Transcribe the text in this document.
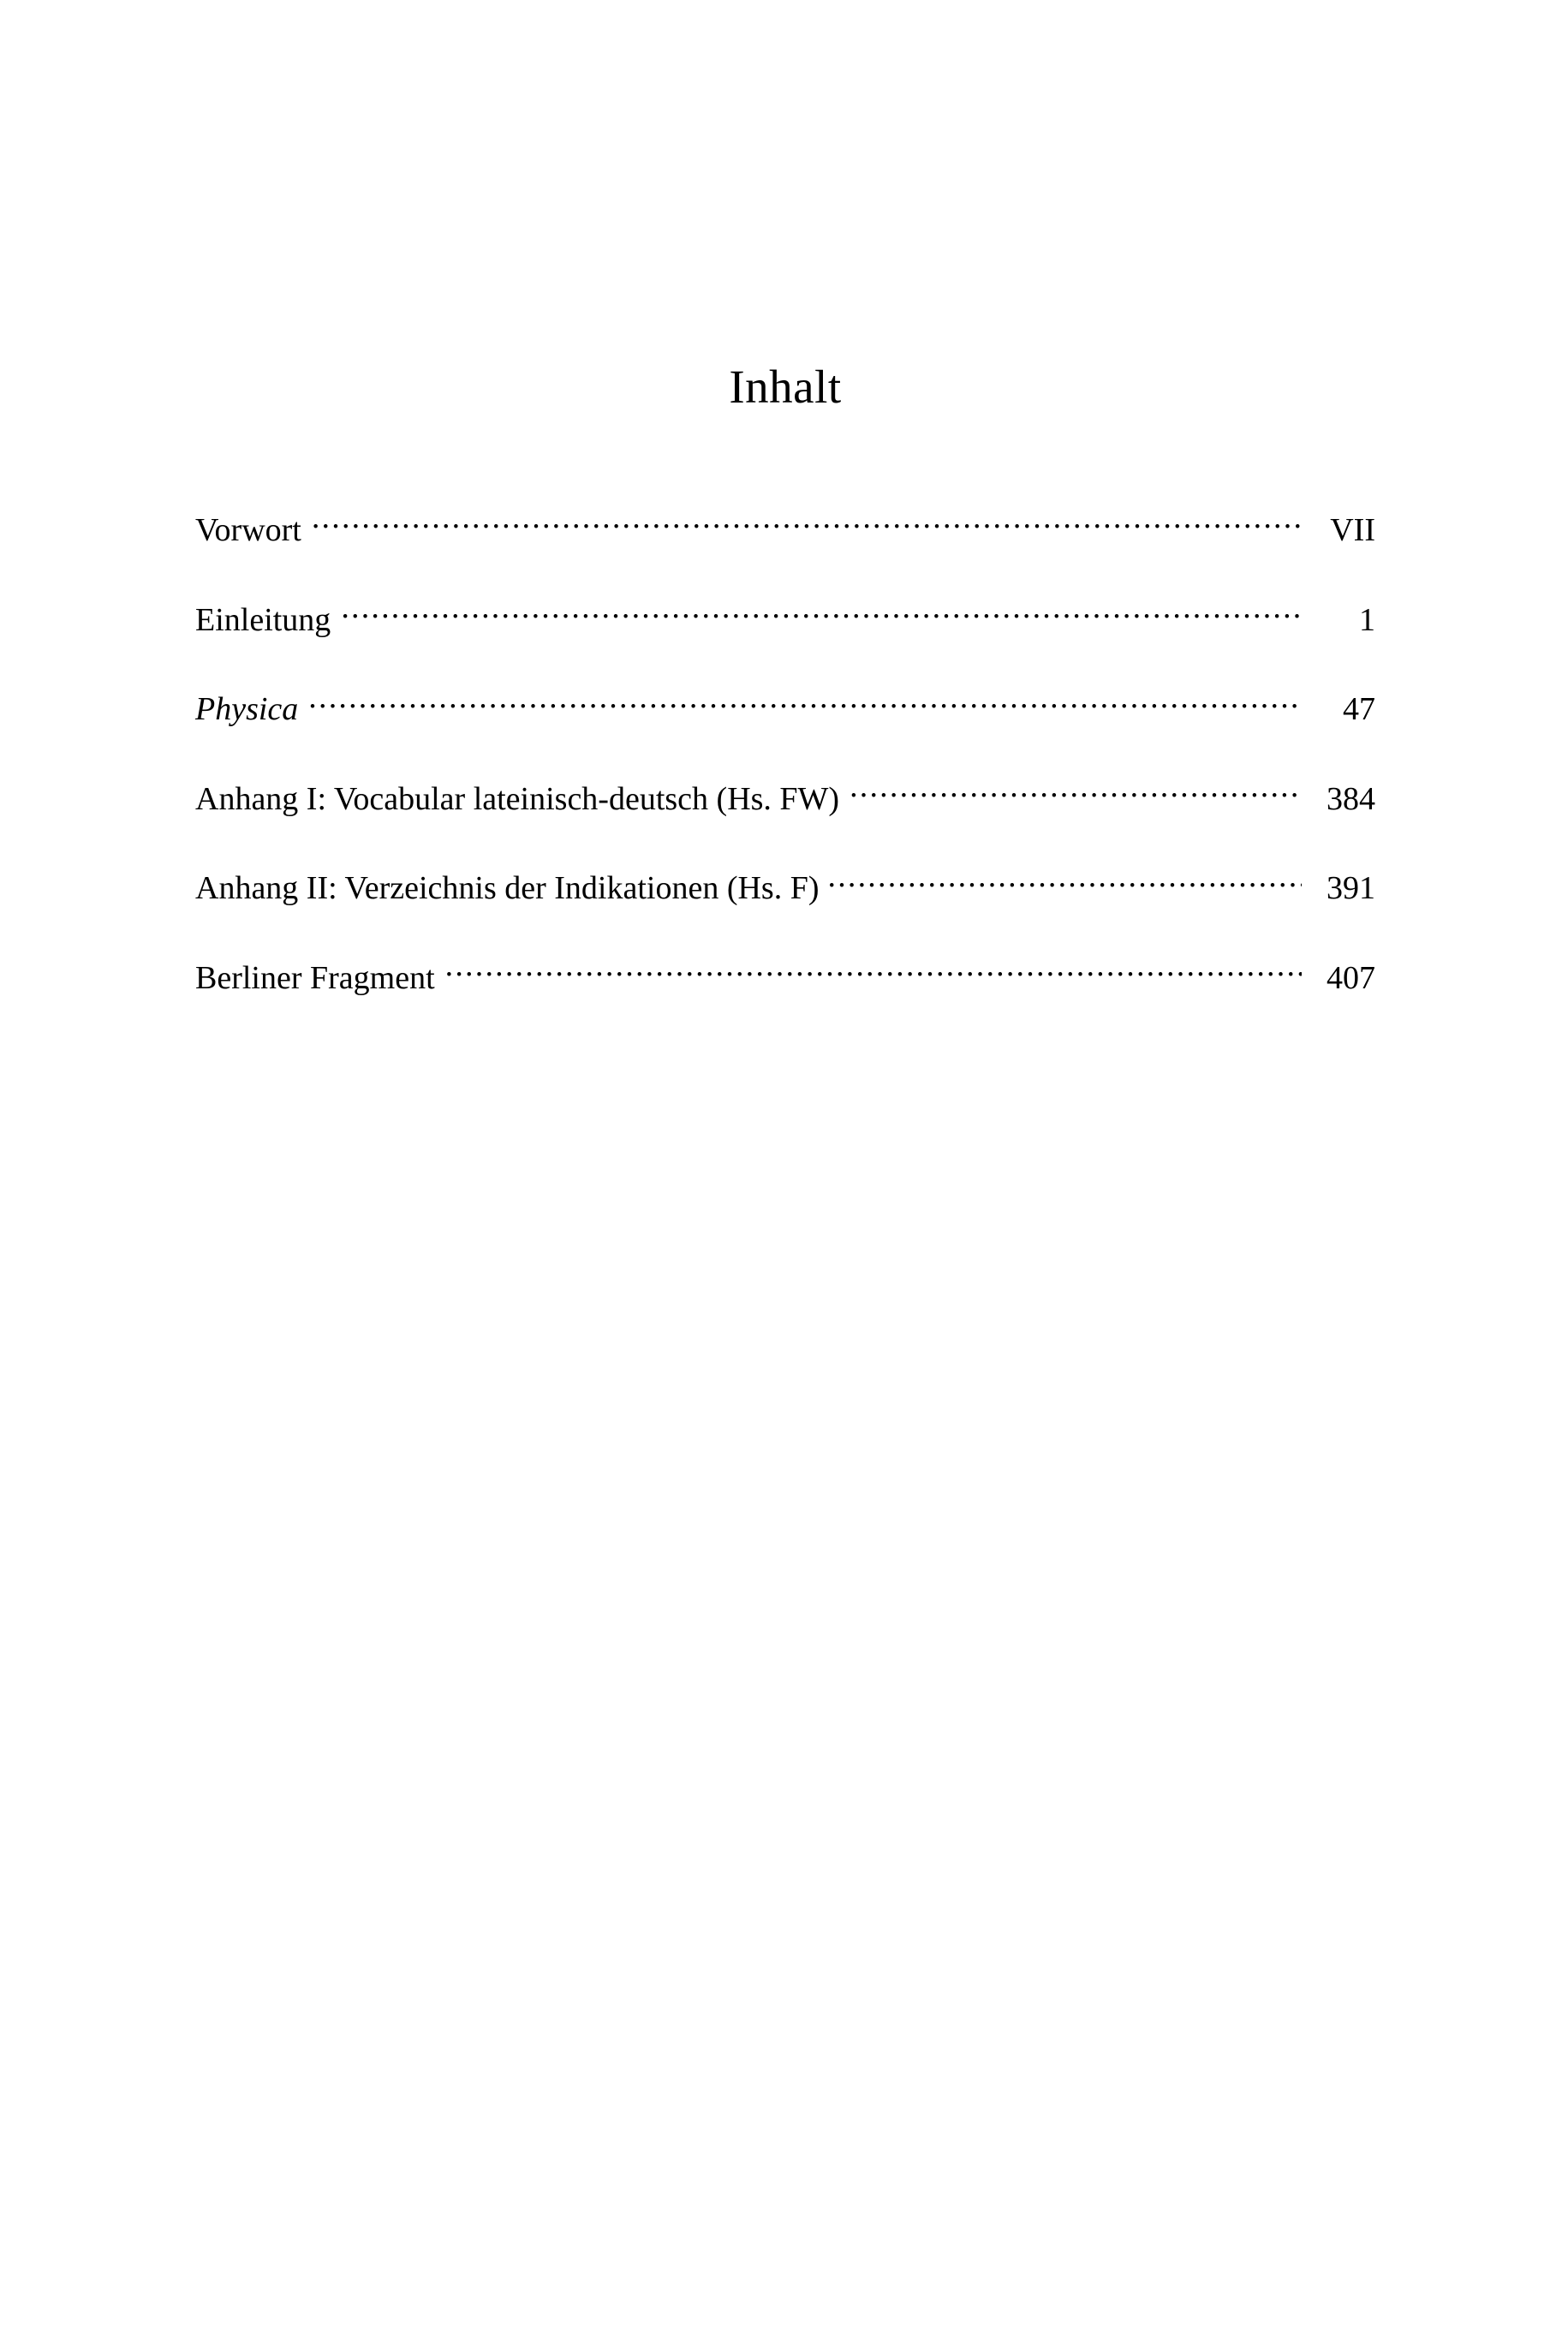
Inhalt
Vorwort .....	VII
Einleitung .....	1
Physica .....	47
Anhang I: Vocabular lateinisch-deutsch (Hs. FW) .....	384
Anhang II: Verzeichnis der Indikationen (Hs. F) .....	391
Berliner Fragment .....	407
